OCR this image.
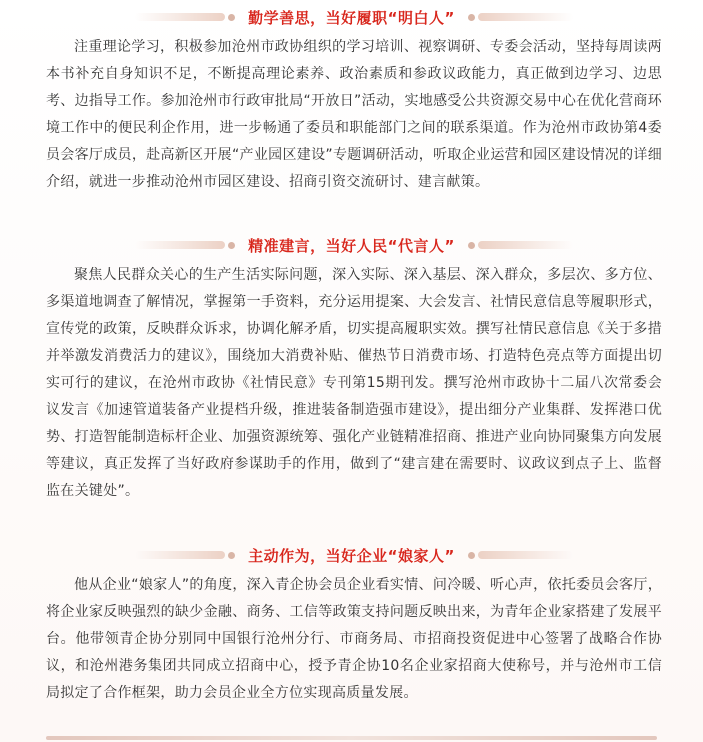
勤学善思，当好履职“明白人”

注重理论学习，积极参加沧州市政协组织的学习培训、视察调研、专委会活动，坚持每周读两本书补充自身知识不足，不断提高理论素养、政治素质和参政议政能力，真正做到边学习、边思考、边指导工作。参加沧州市行政审批局“开放日”活动，实地感受公共资源交易中心在优化营商环境工作中的便民利企作用，进一步畅通了委员和职能部门之间的联系渠道。作为沧州市政协第4委员会客厅成员，赴高新区开展“产业园区建设”专题调研活动，听取企业运营和园区建设情况的详细介绍，就进一步推动沧州市园区建设、招商引资交流研讨、建言献策。

精准建言，当好人民“代言人”

聚焦人民群众关心的生产生活实际问题，深入实际、深入基层、深入群众，多层次、多方位、多渠道地调查了解情况，掌握第一手资料，充分运用提案、大会发言、社情民意信息等履职形式，宣传党的政策，反映群众诉求，协调化解矛盾，切实提高履职实效。撰写社情民意信息《关于多措并举激发消费活力的建议》，围绕加大消费补贴、催热节日消费市场、打造特色亮点等方面提出切实可行的建议，在沧州市政协《社情民意》专刊第15期刊发。撰写沧州市政协十二届八次常委会议发言《加速管道装备产业提档升级，推进装备制造强市建设》，提出细分产业集群、发挥港口优势、打造智能制造标杆企业、加强资源统筹、强化产业链精准招商、推进产业向协同聚集方向发展等建议，真正发挥了当好政府参谋助手的作用，做到了“建言建在需要时、议政议到点子上、监督监在关键处”。

主动作为，当好企业“娘家人”

他从企业“娘家人”的角度，深入青企协会员企业看实情、问冷暖、听心声，依托委员会客厅，将企业家反映强烈的缺少金融、商务、工信等政策支持问题反映出来，为青年企业家搭建了发展平台。他带领青企协分别同中国银行沧州分行、市商务局、市招商投资促进中心签署了战略合作协议，和沧州港务集团共同成立招商中心，授予青企协10名企业家招商大使称号，并与沧州市工信局拟定了合作框架，助力会员企业全方位实现高质量发展。
